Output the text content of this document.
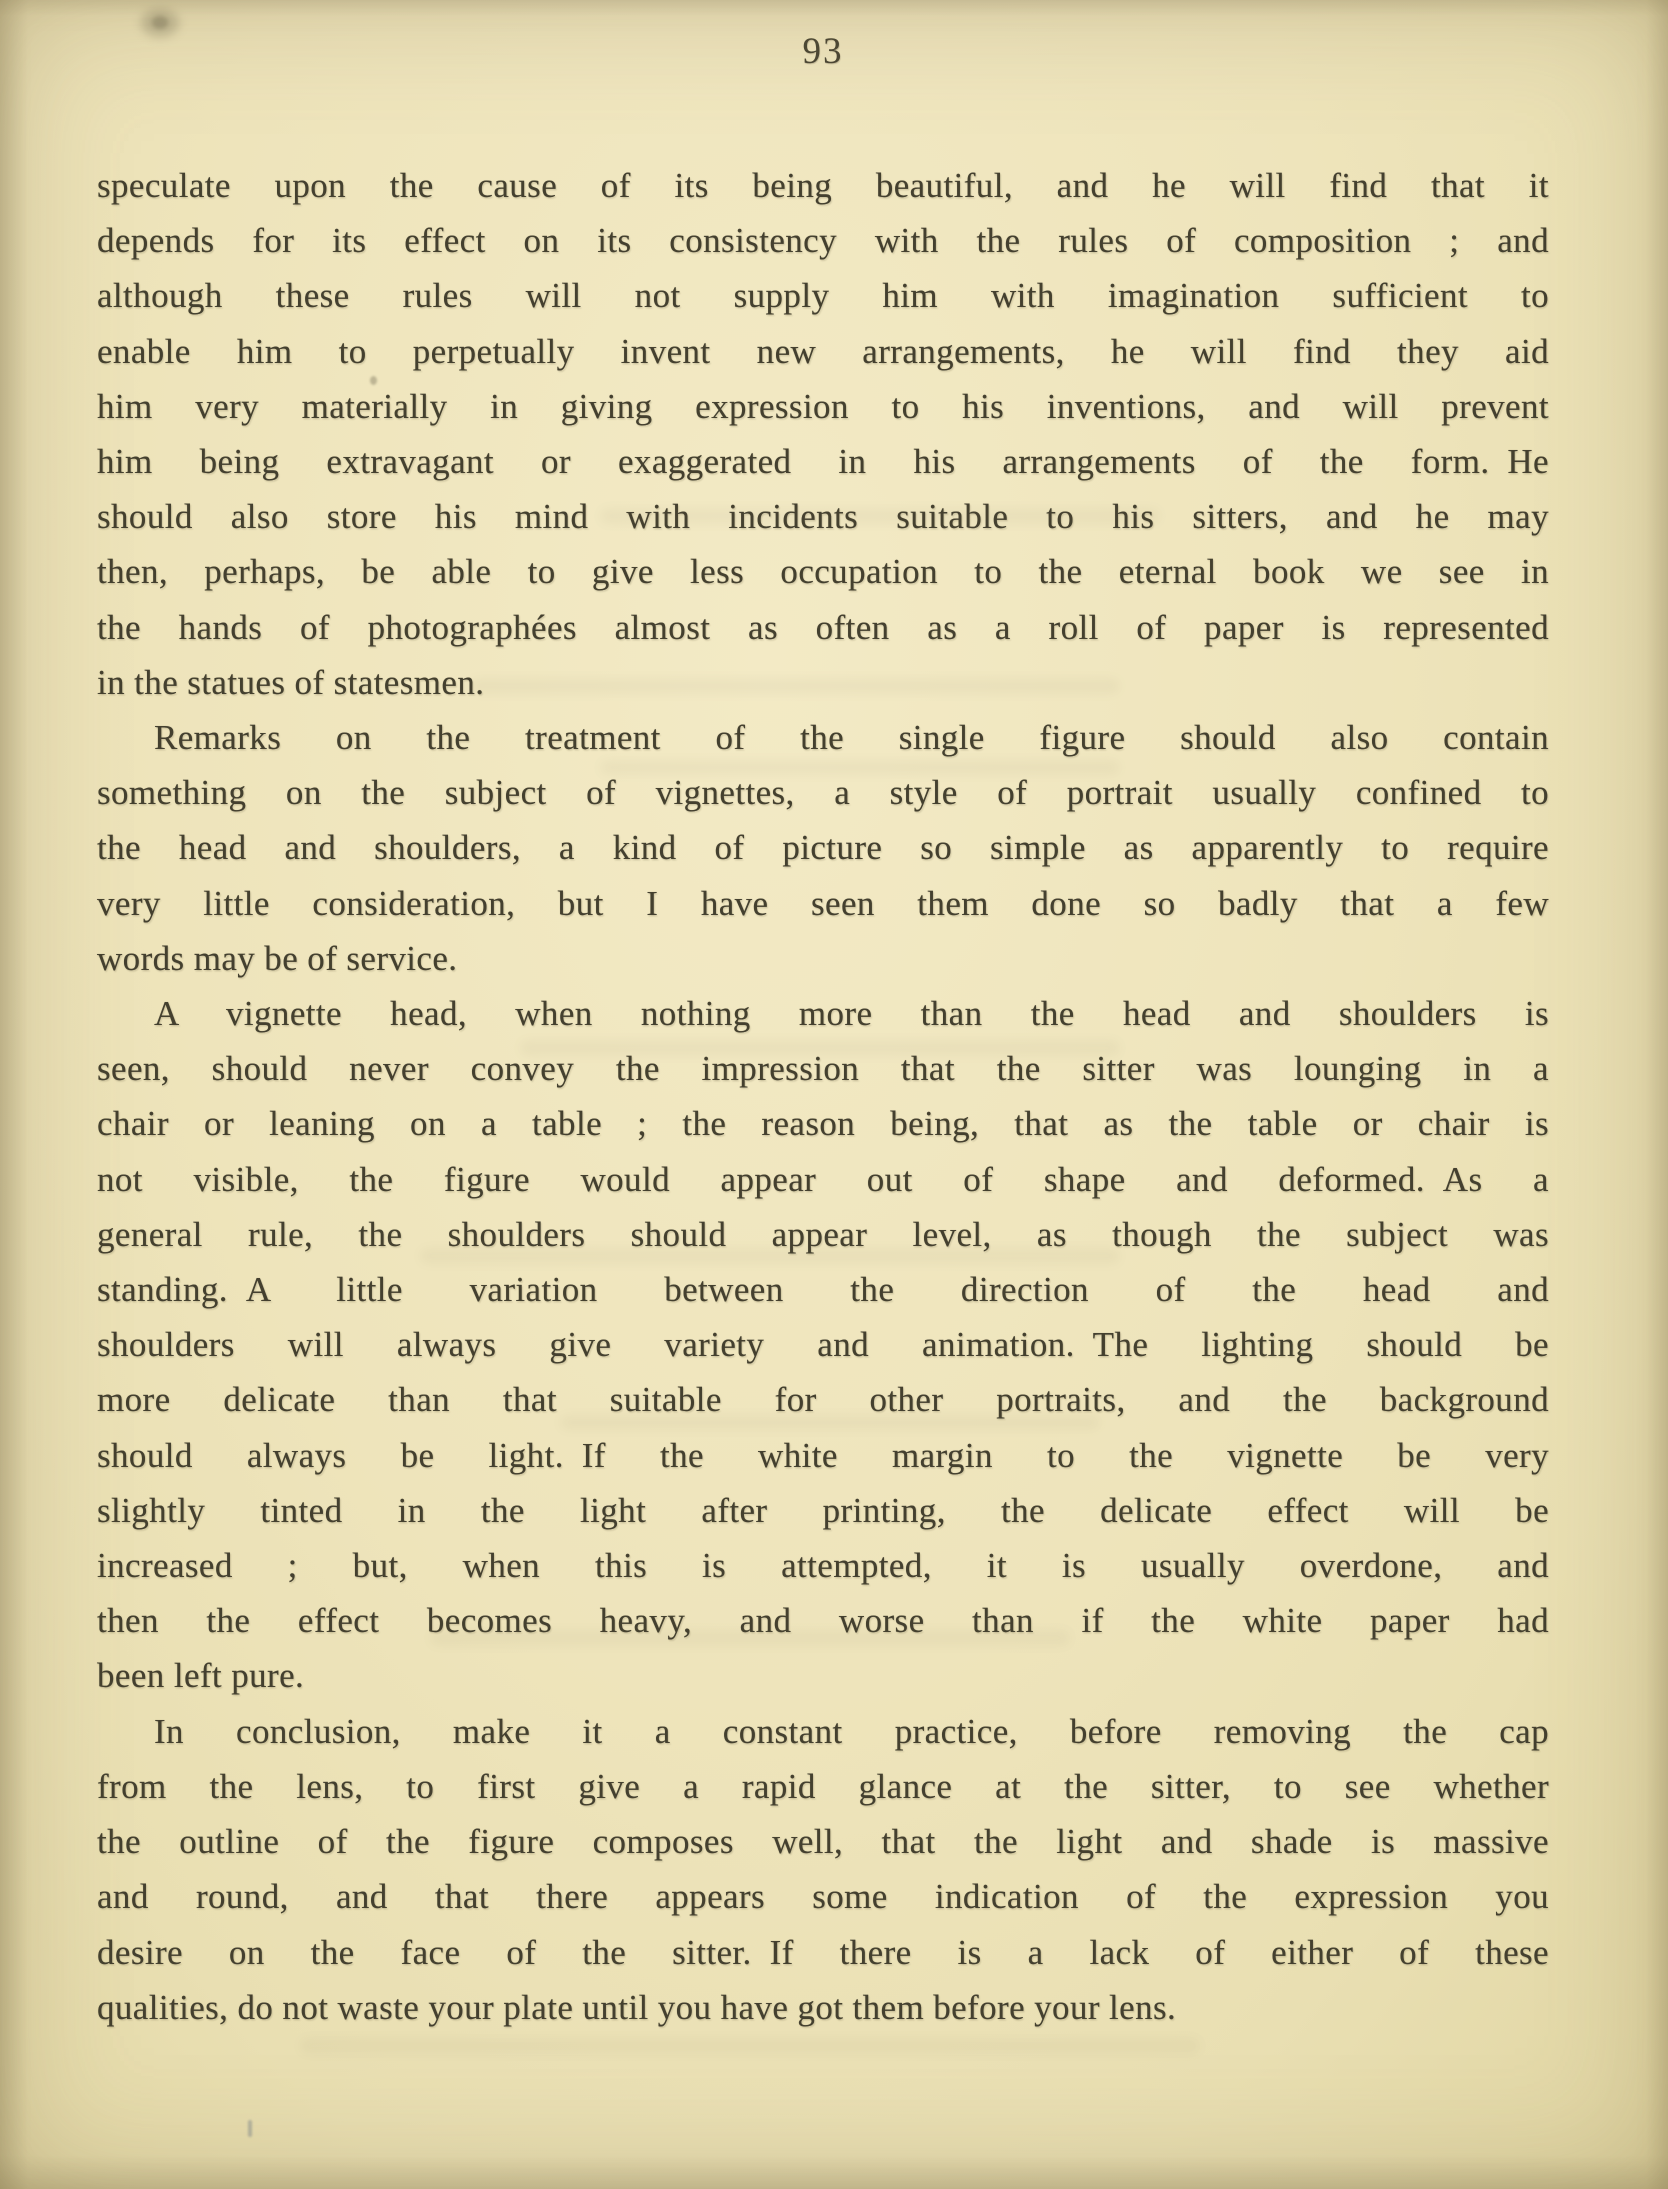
93
speculate upon the cause of its being beautiful, and he will find that it
depends for its effect on its consistency with the rules of composition ; and
although these rules will not supply him with imagination sufficient to
enable him to perpetually invent new arrangements, he will find they aid
him very materially in giving expression to his inventions, and will prevent
him being extravagant or exaggerated in his arrangements of the form. He
should also store his mind with incidents suitable to his sitters, and he may
then, perhaps, be able to give less occupation to the eternal book we see in
the hands of photographées almost as often as a roll of paper is represented
in the statues of statesmen.
Remarks on the treatment of the single figure should also contain
something on the subject of vignettes, a style of portrait usually confined to
the head and shoulders, a kind of picture so simple as apparently to require
very little consideration, but I have seen them done so badly that a few
words may be of service.
A vignette head, when nothing more than the head and shoulders is
seen, should never convey the impression that the sitter was lounging in a
chair or leaning on a table ; the reason being, that as the table or chair is
not visible, the figure would appear out of shape and deformed. As a
general rule, the shoulders should appear level, as though the subject was
standing. A little variation between the direction of the head and
shoulders will always give variety and animation. The lighting should be
more delicate than that suitable for other portraits, and the background
should always be light. If the white margin to the vignette be very
slightly tinted in the light after printing, the delicate effect will be
increased ; but, when this is attempted, it is usually overdone, and
then the effect becomes heavy, and worse than if the white paper had
been left pure.
In conclusion, make it a constant practice, before removing the cap
from the lens, to first give a rapid glance at the sitter, to see whether
the outline of the figure composes well, that the light and shade is massive
and round, and that there appears some indication of the expression you
desire on the face of the sitter. If there is a lack of either of these
qualities, do not waste your plate until you have got them before your lens.
